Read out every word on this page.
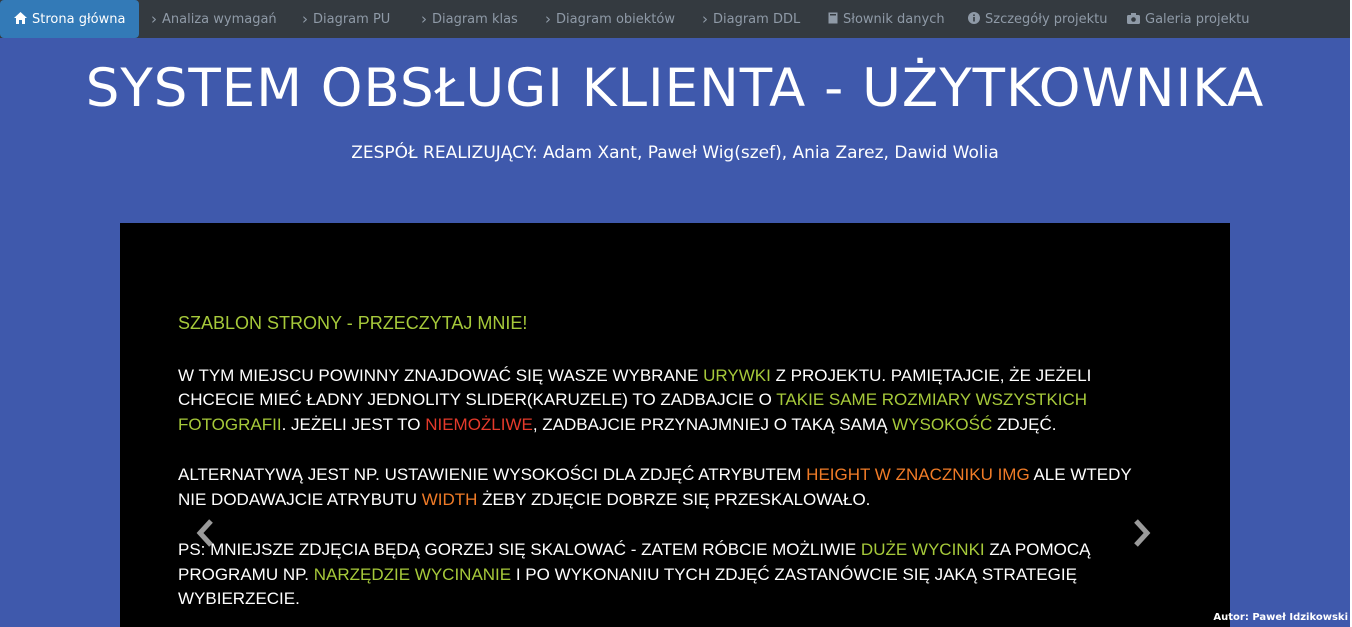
Strona główna › Analiza wymagań › Diagram PU › Diagram klas › Diagram obiektów › Diagram DDL	Słownik danych	Szczegóły projektu	Galeria projektu
SYSTEM OBSŁUGI KLIENTA - UŻYTKOWNIKA
ZESPÓŁ REALIZUJĄCY: Adam Xant, Paweł Wig(szef), Ania Zarez, Dawid Wolia
SZABLON STRONY - PRZECZYTAJ MNIE!

W TYM MIEJSCU POWINNY ZNAJDOWAĆ SIĘ WASZE WYBRANE URYWKI Z PROJEKTU. PAMIĘTAJCIE, ŻE JEŻELI CHCECIE MIEĆ ŁADNY JEDNOLITY SLIDER(KARUZELE) TO ZADBAJCIE O TAKIE SAME ROZMIARY WSZYSTKICH FOTOGRAFII. JEŻELI JEST TO NIEMOŻLIWE, ZADBAJCIE PRZYNAJMNIEJ O TAKĄ SAMĄ WYSOKOŚĆ ZDJĘĆ.

ALTERNATYWĄ JEST NP. USTAWIENIE WYSOKOŚCI DLA ZDJĘĆ ATRYBUTEM HEIGHT W ZNACZNIKU IMG ALE WTEDY NIE DODAWAJCIE ATRYBUTU WIDTH ŻEBY ZDJĘCIE DOBRZE SIĘ PRZESKALOWAŁO.

PS: MNIEJSZE ZDJĘCIA BĘDĄ GORZEJ SIĘ SKALOWAĆ - ZATEM RÓBCIE MOŻLIWIE DUŻE WYCINKI ZA POMOCĄ PROGRAMU NP. NARZĘDZIE WYCINANIE I PO WYKONANIU TYCH ZDJĘĆ ZASTANÓWCIE SIĘ JAKĄ STRATEGIĘ WYBIERZECIE.

Autor: Paweł Idzikowski
